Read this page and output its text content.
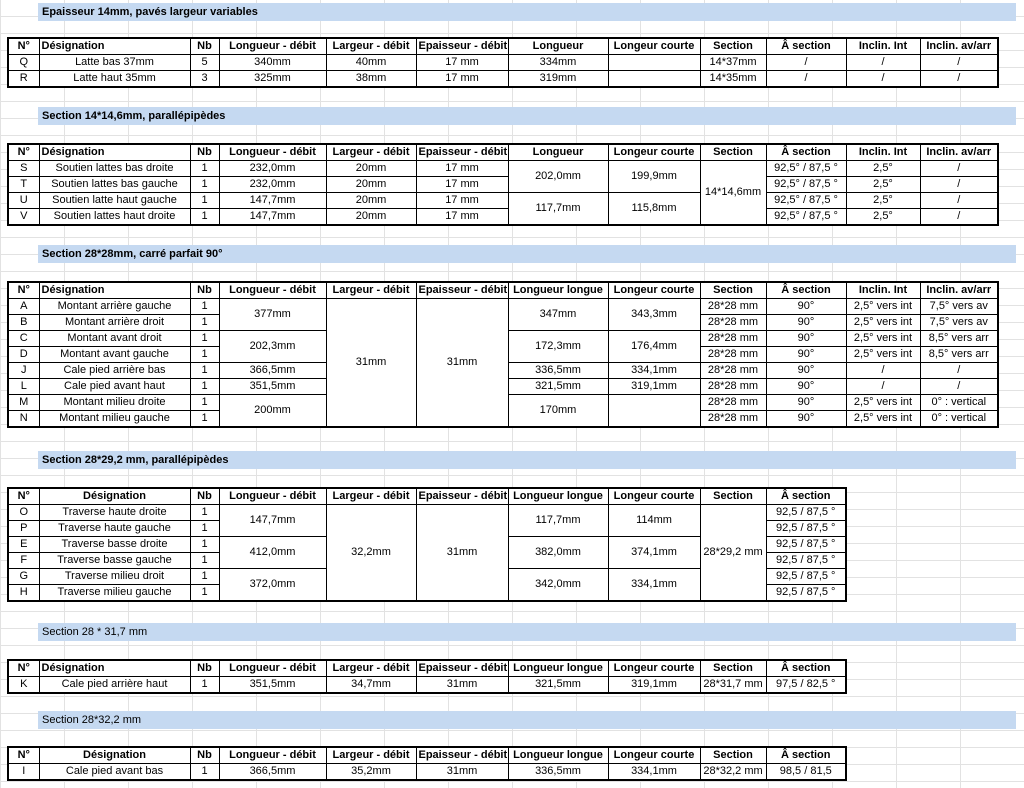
Epaisseur 14mm, pavés largeur variables
N°	Désignation	Nb	Longueur - débit	Largeur - débit	Epaisseur - débit	Longueur	Longeur courte	Section	Â section	Inclin. Int	Inclin. av/arr
Q	Latte bas 37mm	5	340mm	40mm	17 mm	334mm		14*37mm	/	/	/
R	Latte haut 35mm	3	325mm	38mm	17 mm	319mm		14*35mm	/	/	/
Section 14*14,6mm, parallépipèdes
N°	Désignation	Nb	Longueur - débit	Largeur - débit	Epaisseur - débit	Longueur	Longeur courte	Section	Â section	Inclin. Int	Inclin. av/arr
S	Soutien lattes bas droite	1	232,0mm	20mm	17 mm	202,0mm	199,9mm	14*14,6mm	92,5° / 87,5 °	2,5°	/
T	Soutien lattes bas gauche	1	232,0mm	20mm	17 mm				92,5° / 87,5 °	2,5°	/
U	Soutien latte haut gauche	1	147,7mm	20mm	17 mm	117,7mm	115,8mm		92,5° / 87,5 °	2,5°	/
V	Soutien lattes haut droite	1	147,7mm	20mm	17 mm				92,5° / 87,5 °	2,5°	/
Section 28*28mm, carré parfait 90°
N°	Désignation	Nb	Longueur - débit	Largeur - débit	Epaisseur - débit	Longueur longue	Longeur courte	Section	Â section	Inclin. Int	Inclin. av/arr
A	Montant arrière gauche	1	377mm	31mm	31mm	347mm	343,3mm	28*28 mm	90°	2,5° vers int	7,5° vers av
B	Montant arrière droit	1						28*28 mm	90°	2,5° vers int	7,5° vers av
C	Montant avant droit	1	202,3mm			172,3mm	176,4mm	28*28 mm	90°	2,5° vers int	8,5° vers arr
D	Montant avant gauche	1						28*28 mm	90°	2,5° vers int	8,5° vers arr
J	Cale pied arrière bas	1	366,5mm			336,5mm	334,1mm	28*28 mm	90°	/	/
L	Cale pied avant haut	1	351,5mm			321,5mm	319,1mm	28*28 mm	90°	/	/
M	Montant milieu droite	1	200mm			170mm		28*28 mm	90°	2,5° vers int	0° : vertical
N	Montant milieu gauche	1						28*28 mm	90°	2,5° vers int	0° : vertical
Section 28*29,2 mm, parallépipèdes
N°	Désignation	Nb	Longueur - débit	Largeur - débit	Epaisseur - débit	Longueur longue	Longeur courte	Section	Â section
O	Traverse haute droite	1	147,7mm	32,2mm	31mm	117,7mm	114mm	28*29,2 mm	92,5 / 87,5 °
P	Traverse haute gauche	1							92,5 / 87,5 °
E	Traverse basse droite	1	412,0mm			382,0mm	374,1mm		92,5 / 87,5 °
F	Traverse basse gauche	1							92,5 / 87,5 °
G	Traverse milieu droit	1	372,0mm			342,0mm	334,1mm		92,5 / 87,5 °
H	Traverse milieu gauche	1							92,5 / 87,5 °
Section 28 * 31,7 mm
N°	Désignation	Nb	Longueur - débit	Largeur - débit	Epaisseur - débit	Longueur longue	Longeur courte	Section	Â section
K	Cale pied arrière haut	1	351,5mm	34,7mm	31mm	321,5mm	319,1mm	28*31,7 mm	97,5 / 82,5 °
Section 28*32,2 mm
N°	Désignation	Nb	Longueur - débit	Largeur - débit	Epaisseur - débit	Longueur longue	Longeur courte	Section	Â section
I	Cale pied avant bas	1	366,5mm	35,2mm	31mm	336,5mm	334,1mm	28*32,2 mm	98,5 / 81,5
